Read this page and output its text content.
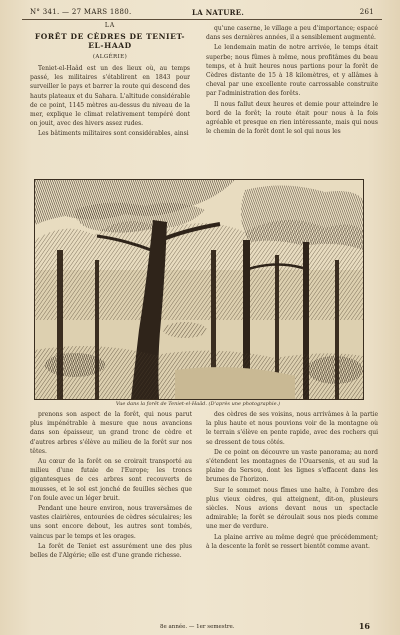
N° 341. — 27 MARS 1880.	LA NATURE.	261
LA
FORÊT DE CÈDRES DE TENIET-EL-HAAD
(ALGÉRIE)

Teniet-el-Haâd est un des lieux où, au temps passé, les militaires s'établirent en 1843 pour surveiller le pays et barrer la route qui descend des hauts plateaux et du Sahara. L'altitude considérable de ce point, 1145 mètres au-dessus du niveau de la mer, explique le climat relativement tempéré dont on jouit, avec des hivers assez rudes.

Les bâtiments militaires sont considérables, ainsi

qu'une caserne, le village a peu d'importance; espacé dans ses dernières années, il a sensiblement augmenté.

Le lendemain matin de notre arrivée, le temps était superbe; nous fûmes à même, nous profitâmes du beau temps, et à huit heures nous partions pour la forêt de Cèdres distante de 15 à 18 kilomètres, et y allâmes à cheval par une excellente route carrossable construite par l'administration des forêts.

Il nous fallut deux heures et demie pour atteindre le bord de la forêt; la route était pour nous à la fois agréable et presque en rien intéressante, mais qui nous le chemin de la forêt dont le sol qui nous les

Vue dans la forêt de Teniet-el-Haâd. (D'après une photographie.)

prenons son aspect de la forêt, qui nous parut plus impénétrable à mesure que nous avancions dans son épaisseur, un grand tronc de cèdre et d'autres arbres s'élève au milieu de la forêt sur nos têtes.

Au cœur de la forêt on se croirait transporté au milieu d'une futaie de l'Europe; les troncs gigantesques de ces arbres sont recouverts de mousses, et le sol est jonché de feuilles sèches que l'on foule avec un léger bruit.

Pendant une heure environ, nous traversâmes de vastes clairières, entourées de cèdres séculaires; les uns sont encore debout, les autres sont tombés, vaincus par le temps et les orages.

La forêt de Teniet est assurément une des plus belles de l'Algérie; elle est d'une grande richesse.

des cèdres de ses voisins, nous arrivâmes à la partie la plus haute et nous pouvions voir de la montagne où le terrain s'élève en pente rapide, avec des rochers qui se dressent de tous côtés.

De ce point on découvre un vaste panorama; au nord s'étendent les montagnes de l'Ouarsenis, et au sud la plaine du Sersou, dont les lignes s'effacent dans les brumes de l'horizon.

Sur le sommet nous fîmes une halte, à l'ombre des plus vieux cèdres, qui atteignent, dit-on, plusieurs siècles. Nous avions devant nous un spectacle admirable; la forêt se déroulait sous nos pieds comme une mer de verdure.

La plaine arrive au même degré que précédemment; à la descente la forêt se ressert bientôt comme avant.

8e année. — 1er semestre.	16
